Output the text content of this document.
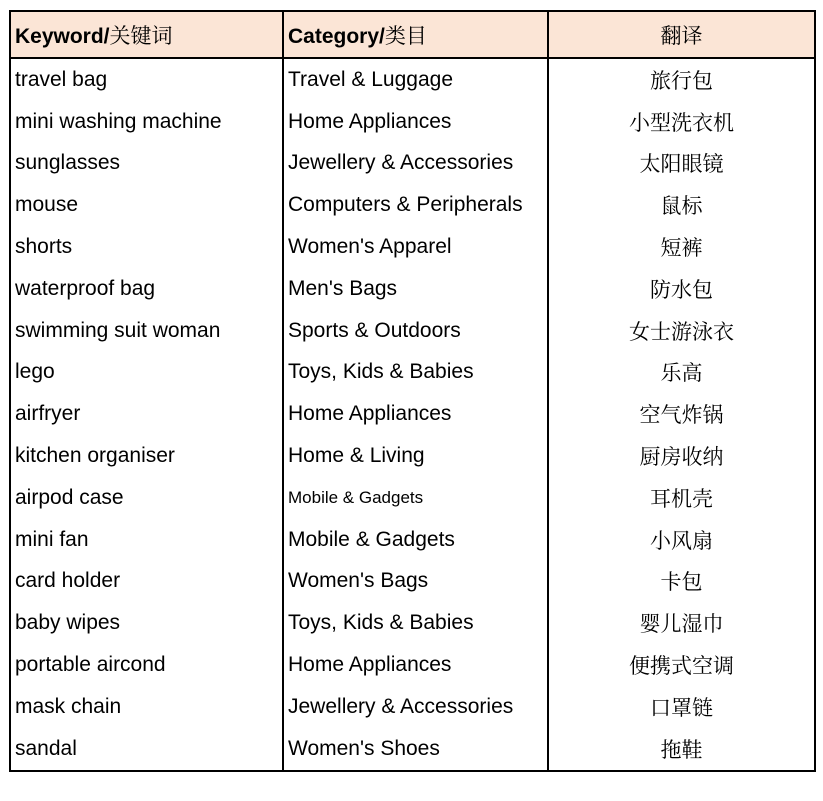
Keyword/关键词	Category/类目	翻译
travel bag	Travel & Luggage	旅行包
mini washing machine	Home Appliances	小型洗衣机
sunglasses	Jewellery & Accessories	太阳眼镜
mouse	Computers & Peripherals	鼠标
shorts	Women's Apparel	短裤
waterproof bag	Men's Bags	防水包
swimming suit woman	Sports & Outdoors	女士游泳衣
lego	Toys, Kids & Babies	乐高
airfryer	Home Appliances	空气炸锅
kitchen organiser	Home & Living	厨房收纳
airpod case	Mobile & Gadgets	耳机壳
mini fan	Mobile & Gadgets	小风扇
card holder	Women's Bags	卡包
baby wipes	Toys, Kids & Babies	婴儿湿巾
portable aircond	Home Appliances	便携式空调
mask chain	Jewellery & Accessories	口罩链
sandal	Women's Shoes	拖鞋
